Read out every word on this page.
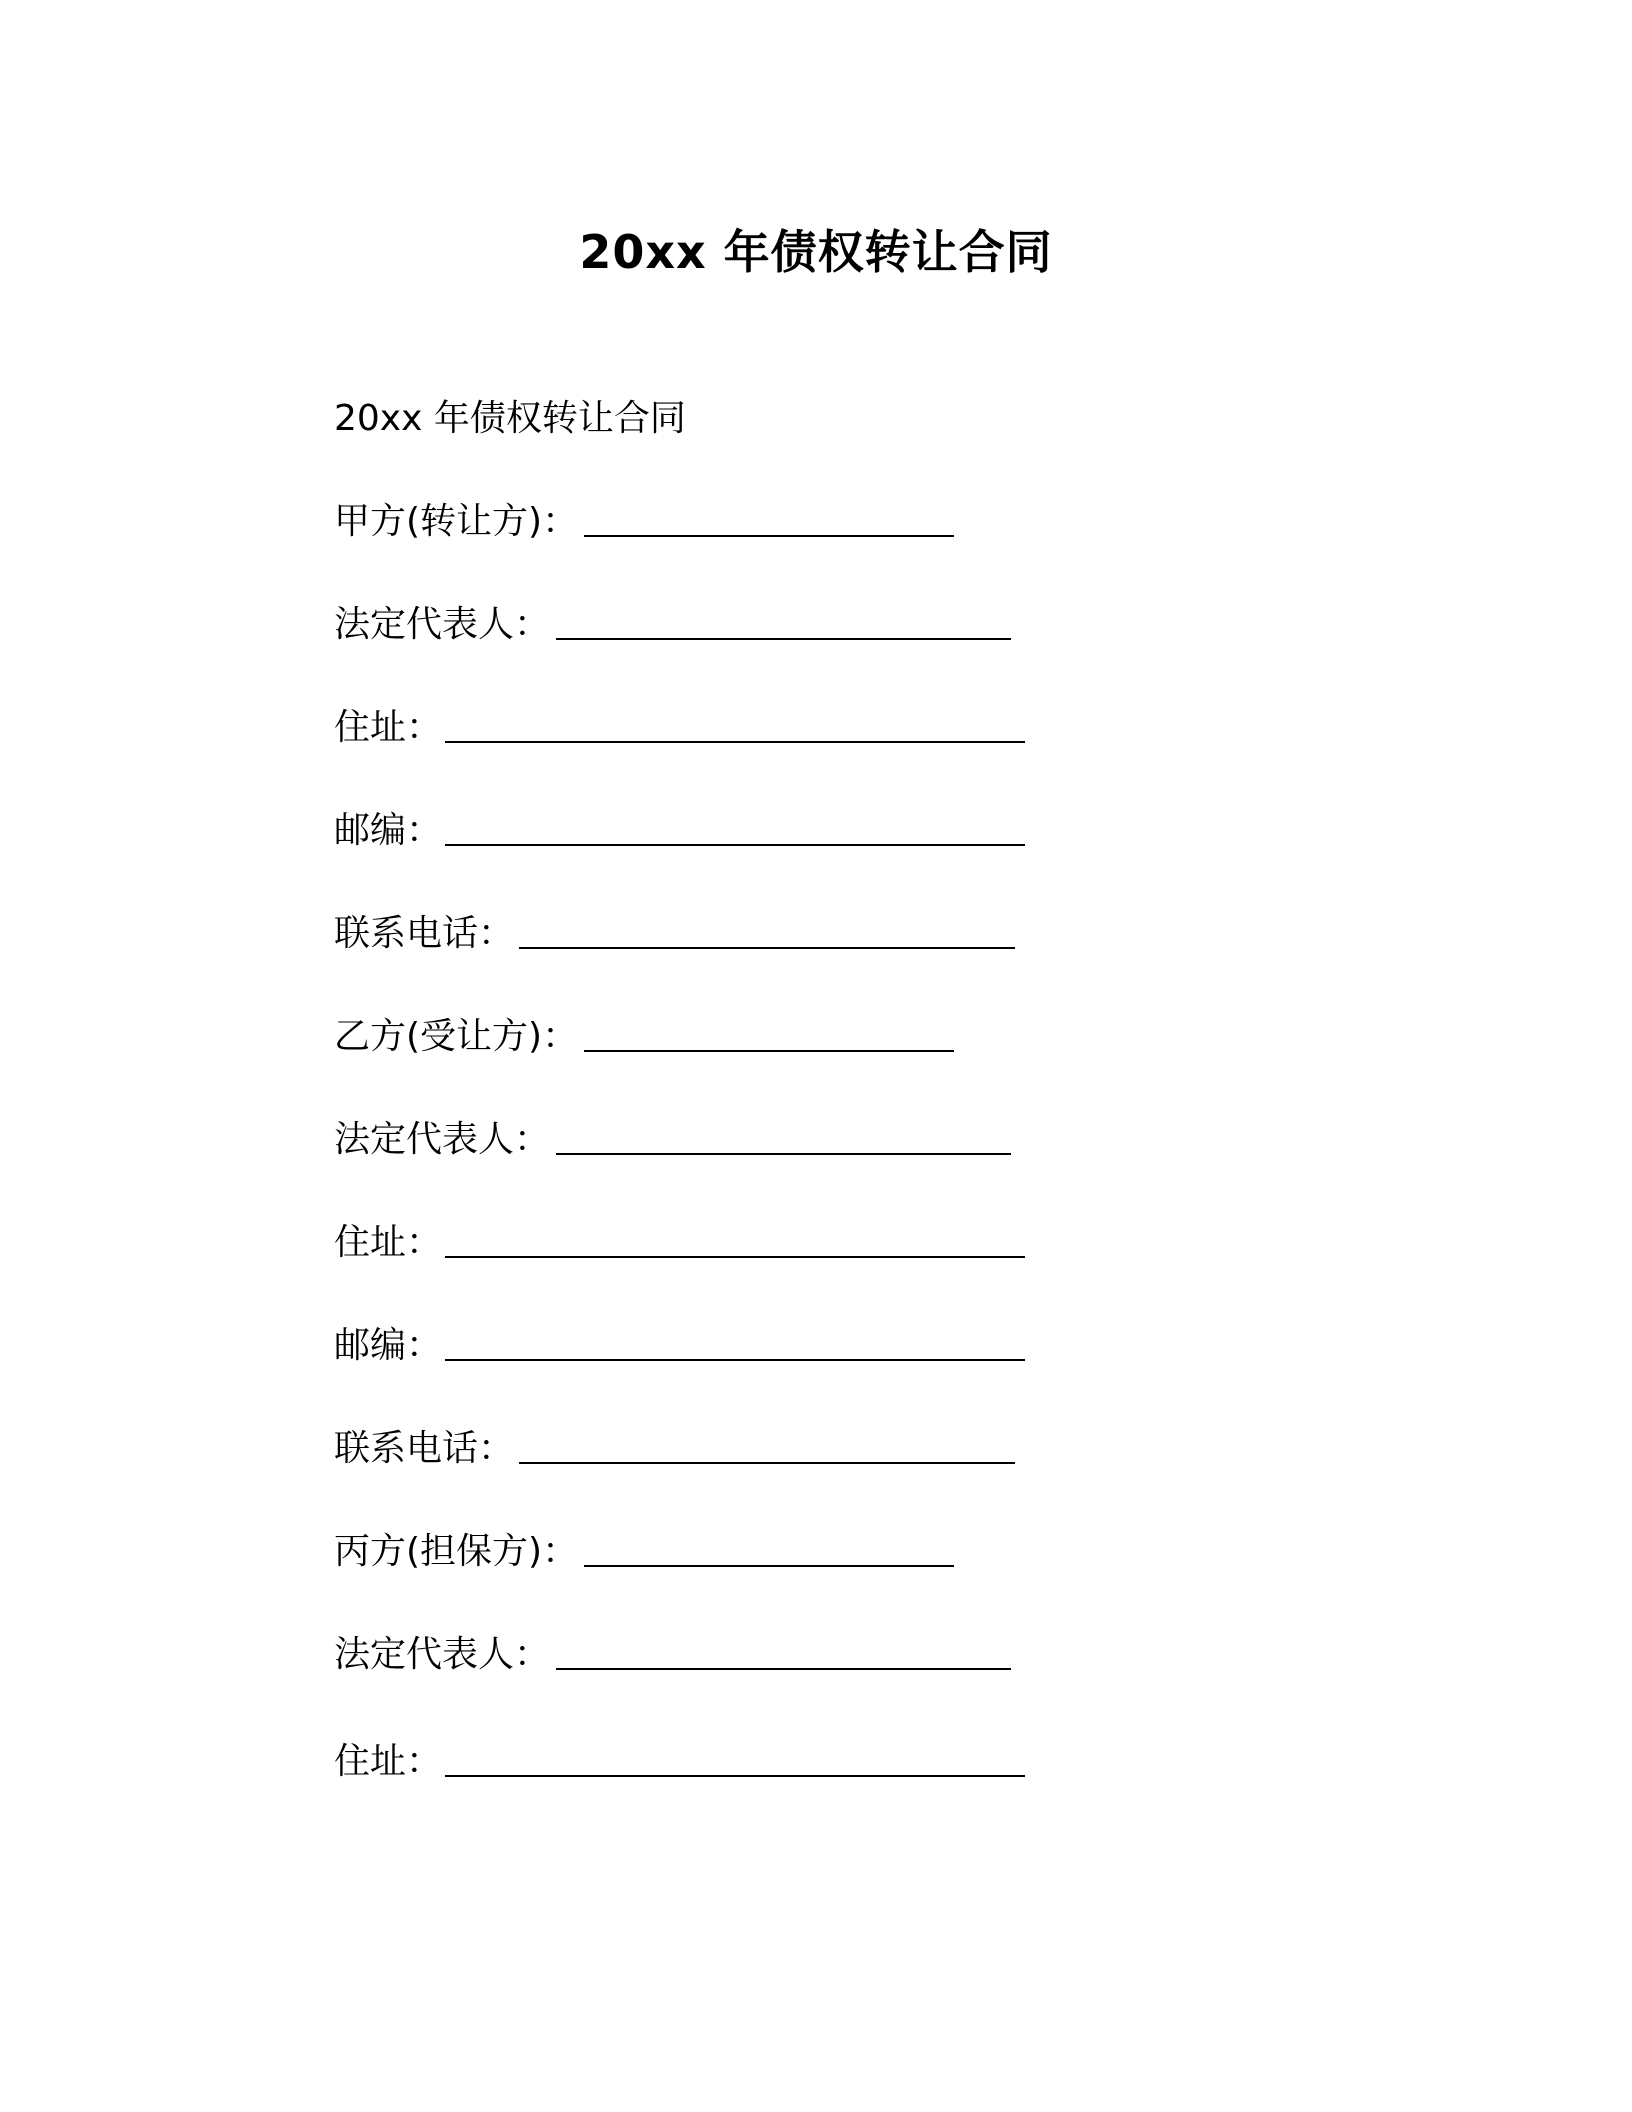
20xx 年债权转让合同
20xx 年债权转让合同
甲方(转让方)：
法定代表人：
住址：
邮编：
联系电话：
乙方(受让方)：
法定代表人：
住址：
邮编：
联系电话：
丙方(担保方)：
法定代表人：
住址：
